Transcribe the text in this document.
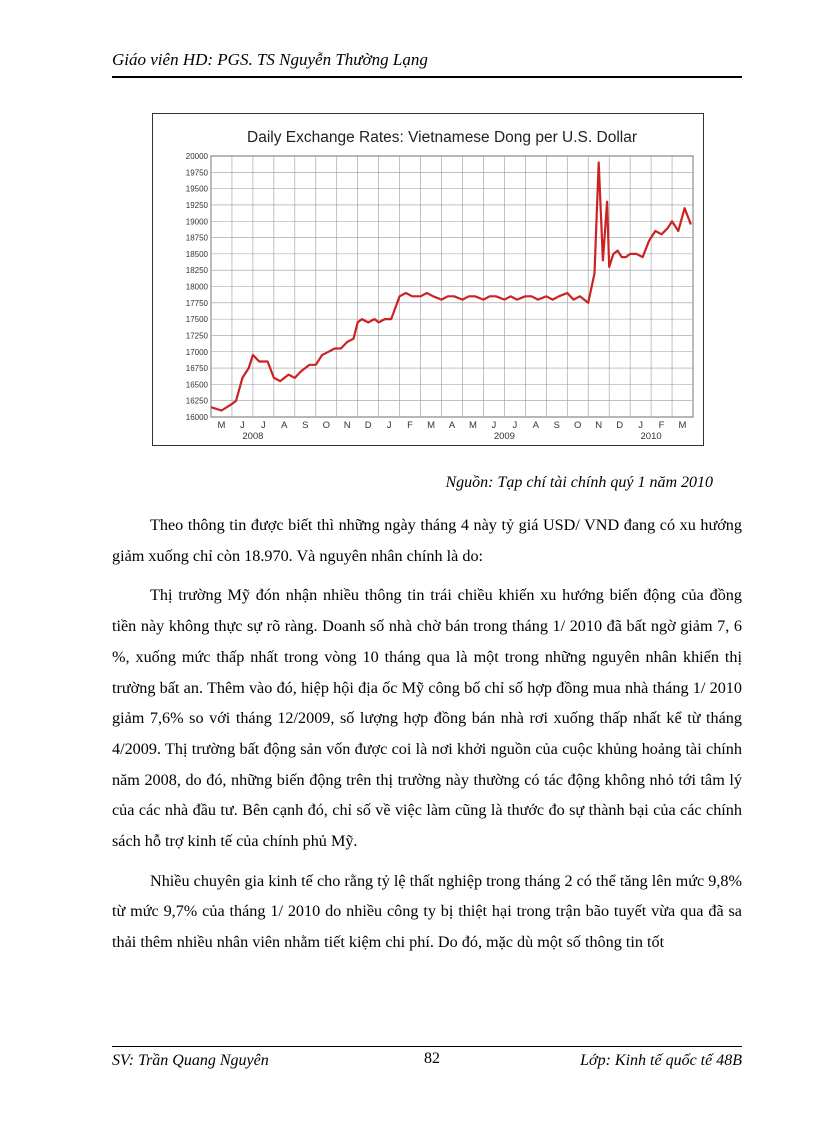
Giáo viên HD: PGS. TS Nguyễn Thường Lạng
Daily Exchange Rates: Vietnamese Dong per U.S. Dollar
16000
16250
16500
16750
17000
17250
17500
17750
18000
18250
18500
18750
19000
19250
19500
19750
20000
M J J A S O N D J F M A M J J A S O N D J F M
2008	2009	2010
Nguồn: Tạp chí tài chính quý 1 năm 2010

Theo thông tin được biết thì những ngày tháng 4 này tỷ giá USD/ VND đang có xu hướng giảm xuống chỉ còn 18.970. Và nguyên nhân chính là do:

Thị trường Mỹ đón nhận nhiều thông tin trái chiều khiến xu hướng biến động của đồng tiền này không thực sự rõ ràng. Doanh số nhà chờ bán trong tháng 1/ 2010 đã bất ngờ giảm 7, 6 %, xuống mức thấp nhất trong vòng 10 tháng qua là một trong những nguyên nhân khiến thị trường bất an. Thêm vào đó, hiệp hội địa ốc Mỹ công bố chỉ số hợp đồng mua nhà tháng 1/ 2010 giảm 7,6% so với tháng 12/2009, số lượng hợp đồng bán nhà rơi xuống thấp nhất kể từ tháng 4/2009. Thị trường bất động sản vốn được coi là nơi khởi nguồn của cuộc khủng hoảng tài chính năm 2008, do đó, những biến động trên thị trường này thường có tác động không nhỏ tới tâm lý của các nhà đầu tư. Bên cạnh đó, chỉ số về việc làm cũng là thước đo sự thành bại của các chính sách hỗ trợ kinh tế của chính phủ Mỹ.

Nhiều chuyên gia kinh tế cho rằng tỷ lệ thất nghiệp trong tháng 2 có thể tăng lên mức 9,8% từ mức 9,7% của tháng 1/ 2010 do nhiều công ty bị thiệt hại trong trận bão tuyết vừa qua đã sa thải thêm nhiều nhân viên nhằm tiết kiệm chi phí. Do đó, mặc dù một số thông tin tốt

SV: Trần Quang Nguyên	82	Lớp: Kinh tế quốc tế 48B
